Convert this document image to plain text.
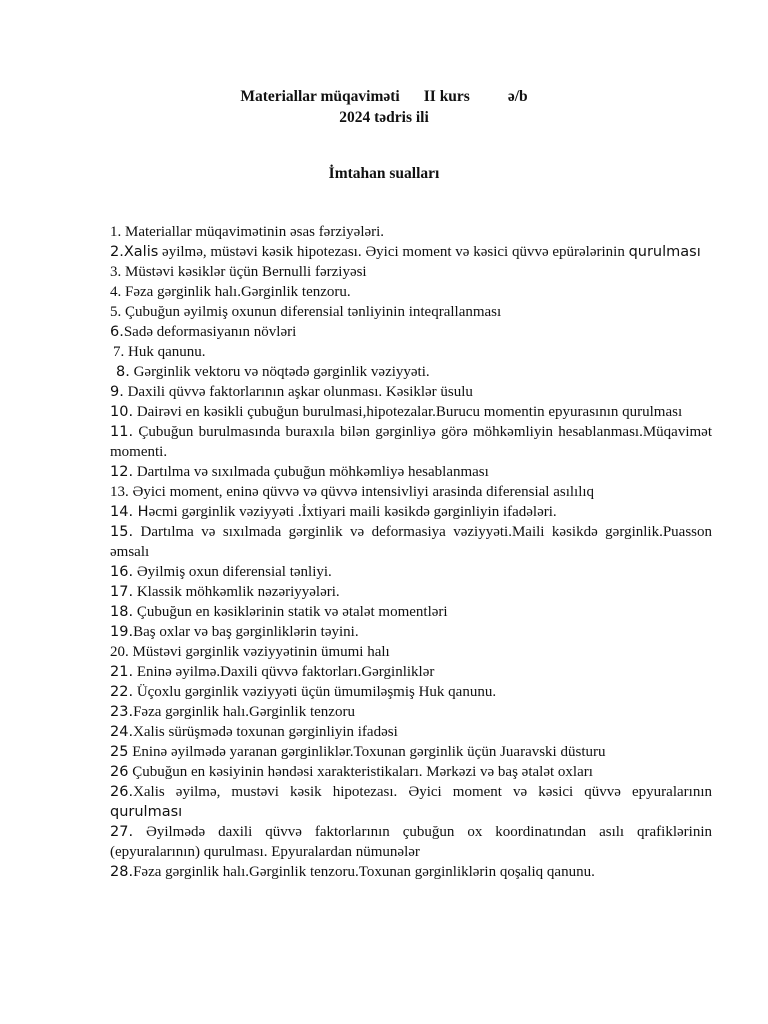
Materiallar müqaviməti II kurs ə/b
2024 tədris ili
İmtahan sualları

1. Materiallar müqavimətinin əsas fərziyələri.

2.Xalis əyilmə, müstəvi kəsik hipotezası. Əyici moment və kəsici qüvvə epürələrinin qurulması

3. Müstəvi kəsiklər üçün Bernulli fərziyəsi

4. Fəza gərginlik halı.Gərginlik tenzoru.

5. Çubuğun əyilmiş oxunun diferensial tənliyinin inteqrallanması

6.Sadə deformasiyanın növləri

7. Huk qanunu.

8. Gərginlik vektoru və nöqtədə gərginlik vəziyyəti.

9. Daxili qüvvə faktorlarının aşkar olunması. Kəsiklər üsulu

10. Dairəvi en kəsikli çubuğun burulmasi,hipotezalar.Burucu momentin epyurasının qurulması

11. Çubuğun burulmasında buraxıla bilən gərginliyə görə möhkəmliyin hesablanması.Müqavimət momenti.

12. Dartılma və sıxılmada çubuğun möhkəmliyə hesablanması

13. Əyici moment, eninə qüvvə və qüvvə intensivliyi arasinda diferensial asılılıq

14. Həcmi gərginlik vəziyyəti .İxtiyari maili kəsikdə gərginliyin ifadələri.

15. Dartılma və sıxılmada gərginlik və deformasiya vəziyyəti.Maili kəsikdə gərginlik.Puasson əmsalı

16. Əyilmiş oxun diferensial tənliyi.

17. Klassik möhkəmlik nəzəriyyələri.

18. Çubuğun en kəsiklərinin statik və ətalət momentləri

19.Baş oxlar və baş gərginliklərin təyini.

20. Müstəvi gərginlik vəziyyətinin ümumi halı

21. Eninə əyilmə.Daxili qüvvə faktorları.Gərginliklər

22. Üçoxlu gərginlik vəziyyəti üçün ümumiləşmiş Huk qanunu.

23.Fəza gərginlik halı.Gərginlik tenzoru

24.Xalis sürüşmədə toxunan gərginliyin ifadəsi

25 Eninə əyilmədə yaranan gərginliklər.Toxunan gərginlik üçün Juaravski düsturu

26 Çubuğun en kəsiyinin həndəsi xarakteristikaları. Mərkəzi və baş ətalət oxları

26.Xalis əyilmə, mustəvi kəsik hipotezası. Əyici moment və kəsici qüvvə epyuralarının qurulması

27. Əyilmədə daxili qüvvə faktorlarının çubuğun ox koordinatından asılı qrafiklərinin (epyuralarının) qurulması. Epyuralardan nümunələr

28.Fəza gərginlik halı.Gərginlik tenzoru.Toxunan gərginliklərin qoşaliq qanunu.
